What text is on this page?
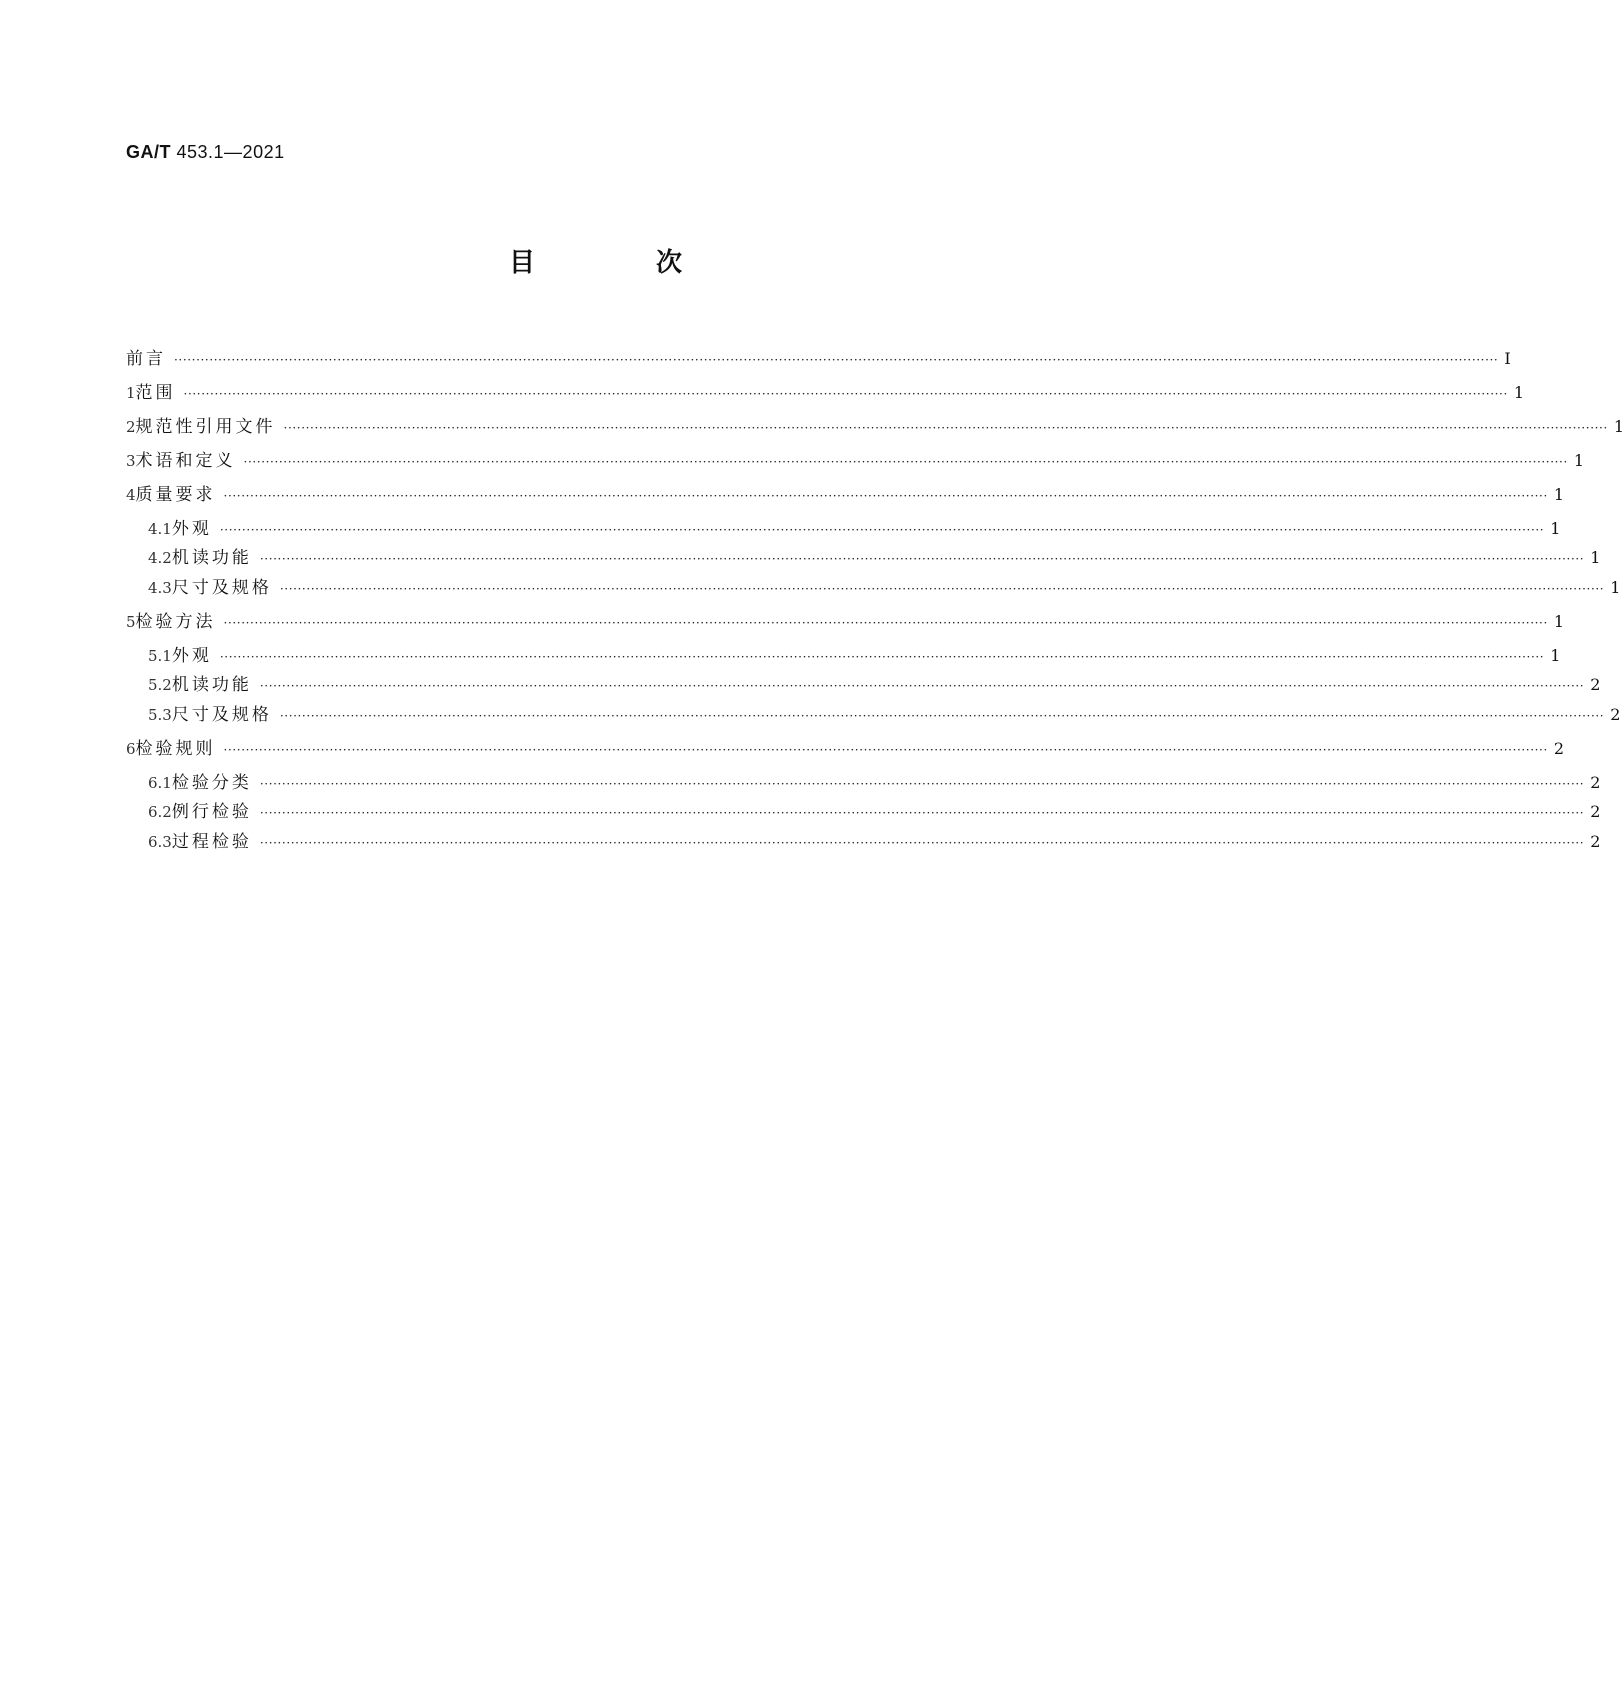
GA/T 453.1—2021
目 次
前言 ············································································································································································································································································································ Ⅰ
1 范围 ············································································································································································································································································································ 1
2 规范性引用文件 ············································································································································································································································································································ 1
3 术语和定义 ············································································································································································································································································································ 1
4 质量要求 ············································································································································································································································································································ 1
4.1 外观 ············································································································································································································································································································ 1
4.2 机读功能 ············································································································································································································································································································ 1
4.3 尺寸及规格 ············································································································································································································································································································ 1
5 检验方法 ············································································································································································································································································································ 1
5.1 外观 ············································································································································································································································································································ 1
5.2 机读功能 ············································································································································································································································································································ 2
5.3 尺寸及规格 ············································································································································································································································································································ 2
6 检验规则 ············································································································································································································································································································ 2
6.1 检验分类 ············································································································································································································································································································ 2
6.2 例行检验 ············································································································································································································································································································ 2
6.3 过程检验 ············································································································································································································································································································ 2
